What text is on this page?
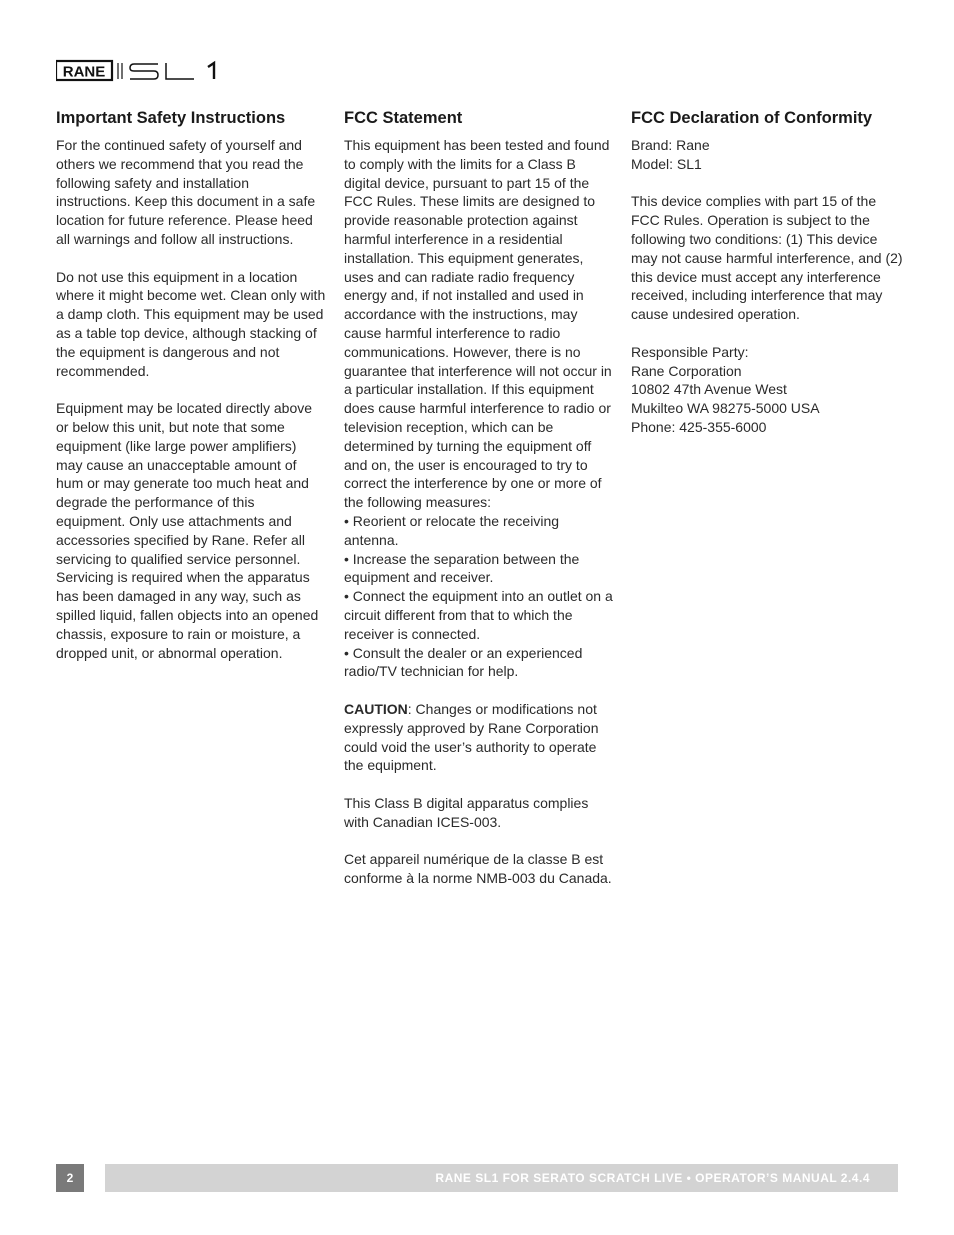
RANE
Important Safety Instructions

For the continued safety of yourself and others we recommend that you read the following safety and installation instructions. Keep this document in a safe location for future reference. Please heed all warnings and follow all instructions.

Do not use this equipment in a location where it might become wet. Clean only with a damp cloth. This equipment may be used as a table top device, although stacking of the equipment is dangerous and not recommended.

Equipment may be located directly above or below this unit, but note that some equipment (like large power amplifiers) may cause an unacceptable amount of hum or may generate too much heat and degrade the performance of this equipment. Only use attachments and accessories specified by Rane. Refer all servicing to qualified service personnel. Servicing is required when the apparatus has been damaged in any way, such as spilled liquid, fallen objects into an opened chassis, exposure to rain or moisture, a dropped unit, or abnormal operation.

FCC Statement

This equipment has been tested and found to comply with the limits for a Class B digital device, pursuant to part 15 of the FCC Rules. These limits are designed to provide reasonable protection against harmful interference in a residential installation. This equipment generates, uses and can radiate radio frequency energy and, if not installed and used in accordance with the instructions, may cause harmful interference to radio communications. However, there is no guarantee that interference will not occur in a particular installation. If this equipment does cause harmful interference to radio or television reception, which can be determined by turning the equipment off and on, the user is encouraged to try to correct the interference by one or more of the following measures:
• Reorient or relocate the receiving antenna.
• Increase the separation between the equipment and receiver.
• Connect the equipment into an outlet on a circuit different from that to which the receiver is connected.
• Consult the dealer or an experienced radio/TV technician for help.

CAUTION: Changes or modifications not expressly approved by Rane Corporation could void the user’s authority to operate the equipment.

This Class B digital apparatus complies with Canadian ICES-003.

Cet appareil numérique de la classe B est conforme à la norme NMB-003 du Canada.

FCC Declaration of Conformity

Brand: Rane
Model: SL1

This device complies with part 15 of the FCC Rules. Operation is subject to the following two conditions: (1) This device may not cause harmful interference, and (2) this device must accept any interference received, including interference that may cause undesired operation.

Responsible Party:
Rane Corporation
10802 47th Avenue West
Mukilteo WA 98275-5000 USA
Phone: 425-355-6000

2	RANE SL1 FOR SERATO SCRATCH LIVE • OPERATOR’S MANUAL 2.4.4
